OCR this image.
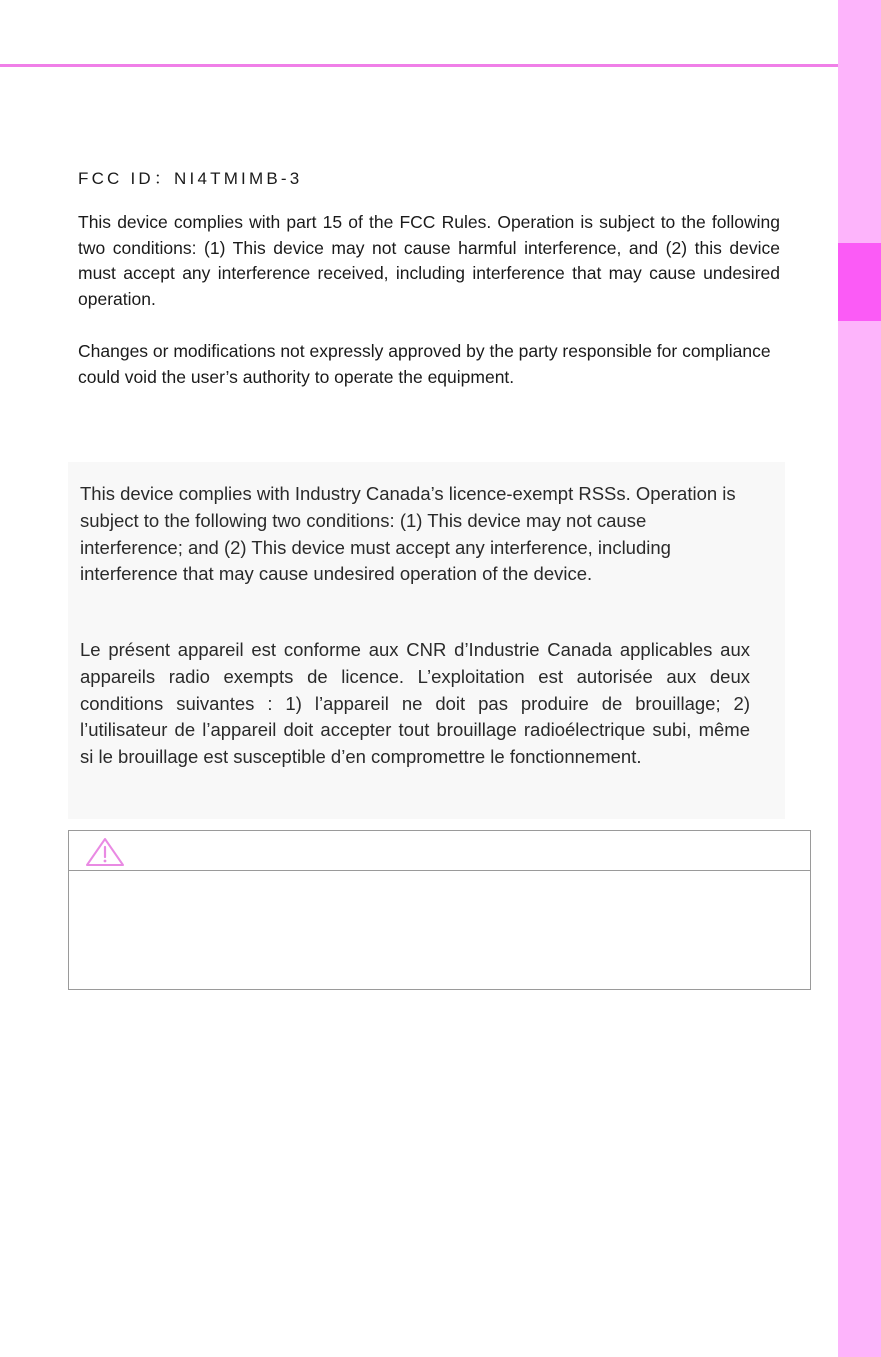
FCC ID：NI4TMIMB-3

This device complies with part 15 of the FCC Rules. Operation is subject to the following two conditions: (1) This device may not cause harmful interference, and (2) this device must accept any interference received, including interference that may cause undesired operation.

Changes or modifications not expressly approved by the party responsible for compliance could void the user’s authority to operate the equipment.

This device complies with Industry Canada’s licence-exempt RSSs. Operation is subject to the following two conditions: (1) This device may not cause interference; and (2) This device must accept any interference, including interference that may cause undesired operation of the device.

Le présent appareil est conforme aux CNR d’Industrie Canada applicables aux appareils radio exempts de licence. L’exploitation est autorisée aux deux conditions suivantes : 1) l’appareil ne doit pas produire de brouillage; 2) l’utilisateur de l’appareil doit accepter tout brouillage radioélectrique subi, même si le brouillage est susceptible d’en compromettre le fonctionnement.
